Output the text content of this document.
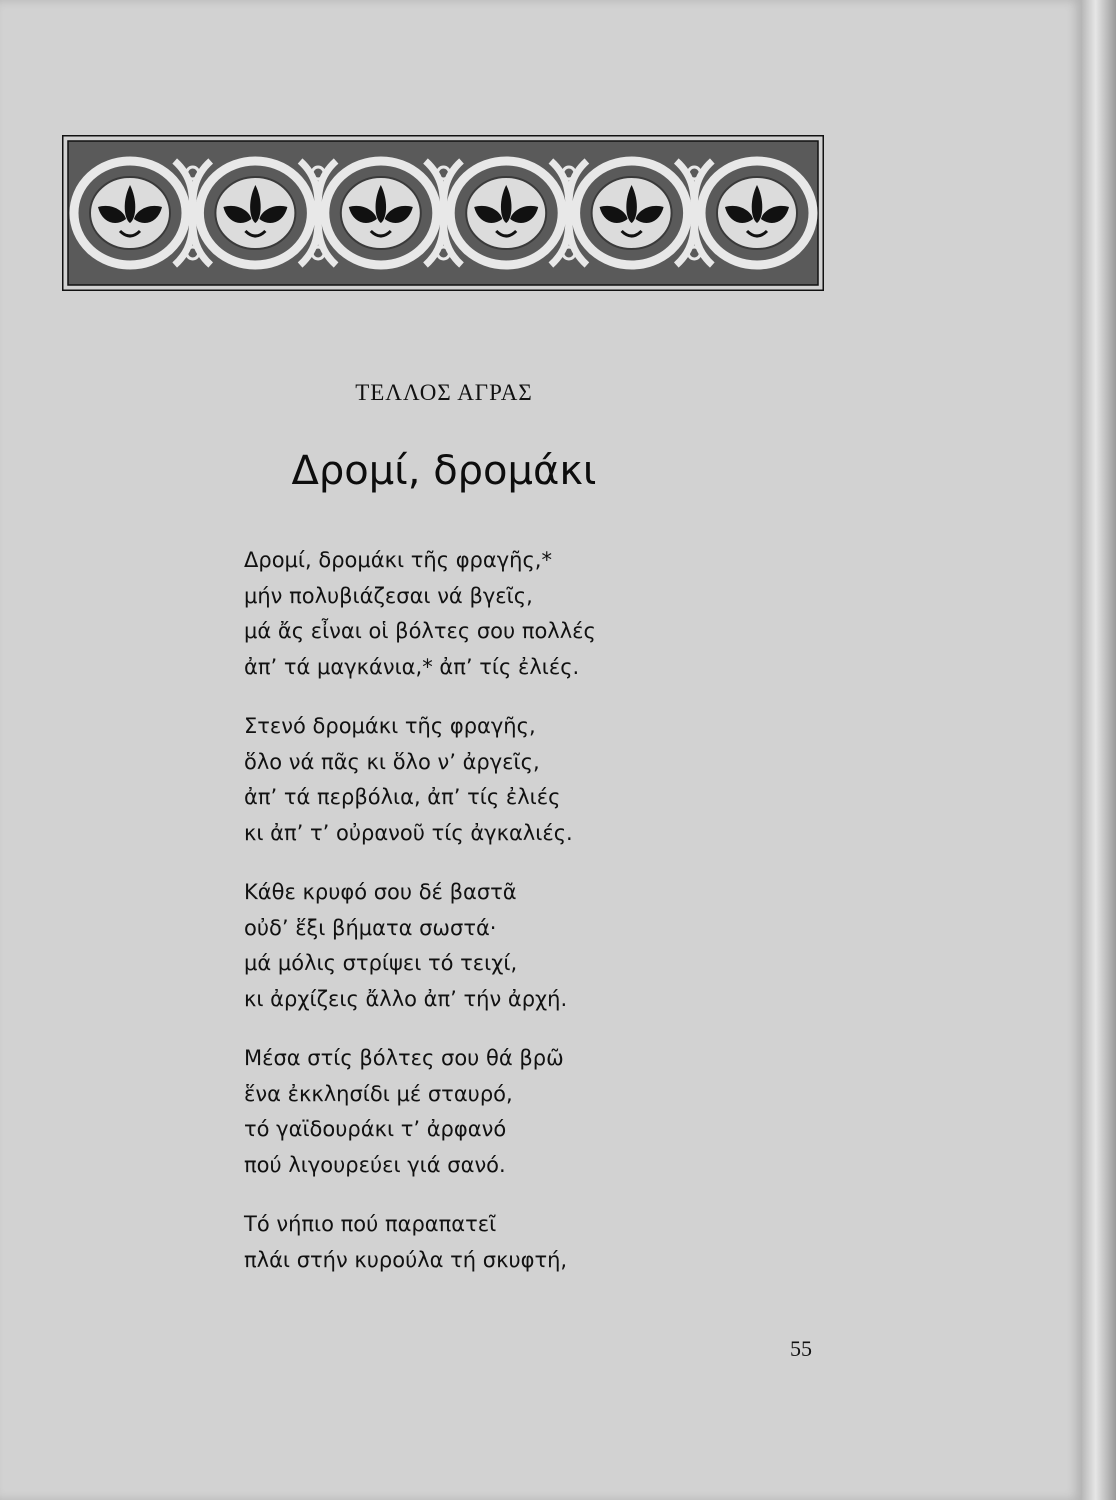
ΤΕΛΛΟΣ ΑΓΡΑΣ
Δρομί, δρομάκι
Δρομί, δρομάκι τῆς φραγῆς,*
μήν πολυβιάζεσαι νά βγεῖς,
μά ἄς εἶναι οἱ βόλτες σου πολλές
ἀπ’ τά μαγκάνια,* ἀπ’ τίς ἐλιές.
Στενό δρομάκι τῆς φραγῆς,
ὅλο νά πᾶς κι ὅλο ν’ ἀργεῖς,
ἀπ’ τά περβόλια, ἀπ’ τίς ἐλιές
κι ἀπ’ τ’ οὐρανοῦ τίς ἀγκαλιές.
Κάθε κρυφό σου δέ βαστᾶ
οὐδ’ ἕξι βήματα σωστά·
μά μόλις στρίψει τό τειχί,
κι ἀρχίζεις ἄλλο ἀπ’ τήν ἀρχή.
Μέσα στίς βόλτες σου θά βρῶ
ἕνα ἐκκλησίδι μέ σταυρό,
τό γαϊδουράκι τ’ ἀρφανό
πού λιγουρεύει γιά σανό.
Τό νήπιο πού παραπατεῖ
πλάι στήν κυρούλα τή σκυφτή,
55
